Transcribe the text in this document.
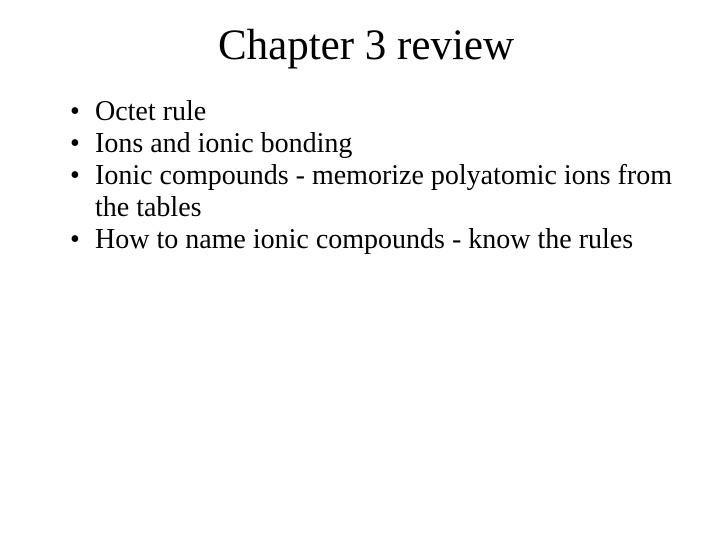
Chapter 3 review
• Octet rule
• Ions and ionic bonding
• Ionic compounds - memorize polyatomic ions from the tables
• How to name ionic compounds - know the rules
